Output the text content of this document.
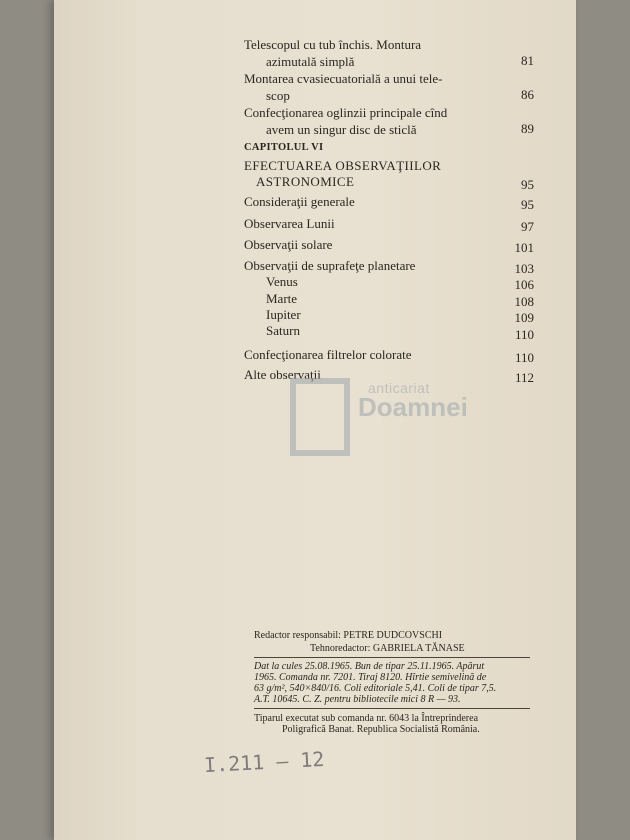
Telescopul cu tub închis. Montura
azimutală simplă	81
Montarea cvasiecuatorială a unui tele-
scop	86
Confecţionarea oglinzii principale cînd
avem un singur disc de sticlă	89
CAPITOLUL VI
EFECTUAREA OBSERVAŢIILOR
ASTRONOMICE	95
Consideraţii generale	95
Observarea Lunii	97
Observaţii solare	101
Observaţii de suprafeţe planetare	103
Venus	106
Marte	108
Iupiter	109
Saturn	110
Confecţionarea filtrelor colorate	110
Alte observaţii	112
anticariat
Doamnei
Redactor responsabil: PETRE DUDCOVSCHI
Tehnoredactor: GABRIELA TĂNASE
Dat la cules 25.08.1965. Bun de tipar 25.11.1965. Apărut
1965. Comanda nr. 7201. Tiraj 8120. Hîrtie semivelină de
63 g/m², 540×840/16. Coli editoriale 5,41. Coli de tipar 7,5.
A.T. 10645. C. Z. pentru bibliotecile mici 8 R — 93.
Tiparul executat sub comanda nr. 6043 la Întreprinderea
Poligrafică Banat. Republica Socialistă România.
I.211 — 12
